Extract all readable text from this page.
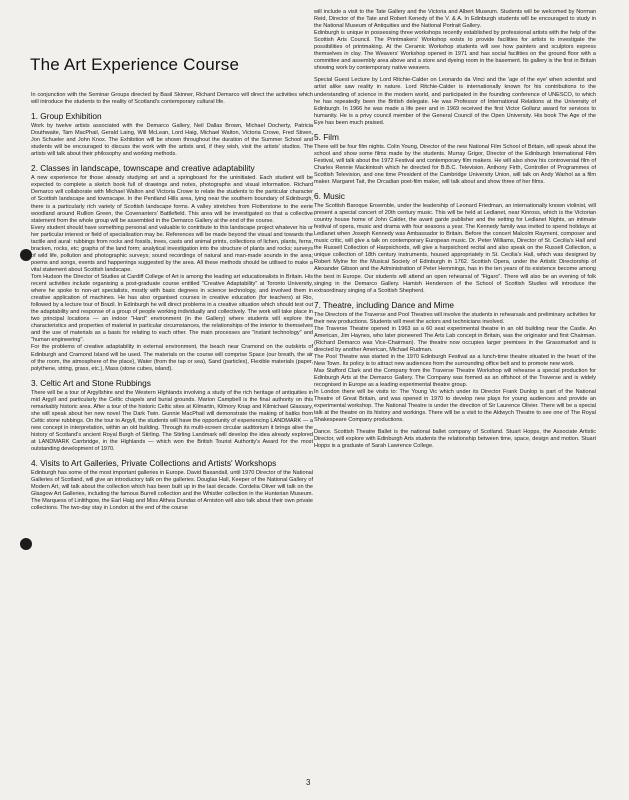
The Art Experience Course

In conjunction with the Seminar Groups directed by Basil Skinner, Richard Demarco will direct the activities which will introduce the students to the reality of Scotland's contemporary cultural life.

1. Group Exhibition

Work by twelve artists associated with the Demarco Gallery, Neil Dallas Brown, Michael Docherty, Patricia Douthwaite, Tam MacPhail, Gerald Laing, Will McLean, Lord Haig, Michael Walton, Victoria Crowe, Fred Stiven, Jon Schueler and John Knox. The Exhibition will be shown throughout the duration of the Summer School and students will be encouraged to discuss the work with the artists and, if they wish, visit the artists' studios. The artists will talk about their philosophy and working methods.

2. Classes in landscape, townscape and creative adaptability

A new experience for those already studying art and a springboard for the uninitiated. Each student will be expected to complete a sketch book full of drawings and notes, photographs and visual information. Richard Demarco will collaborate with Michael Walton and Victoria Crowe to relate the students to the particular character of Scottish landscape and townscape. In the Pentland Hills area, lying near the southern boundary of Edinburgh, there is a particularly rich variety of Scottish landscape forms. A valley stretches from Flotterstone to the eerie woodland around Rullion Green, the Covenanters' Battlefield. This area will be investigated so that a collective statement from the whole group will be assembled in the Demarco Gallery at the end of the course.

Every student should have something personal and valuable to contribute to this landscape project whatever his or her particular interest or field of specialisation may be. References will be made beyond the visual and towards the tactile and aural: rubbings from rocks and fossils, trees, casts and animal prints, collections of lichen, plants, ferns, bracken, rocks, etc; graphs of the land form; analytical investigation into the structure of plants and rocks; surveys of wild life, pollution and photographic surveys; sound recordings of natural and man-made sounds in the area; poems and songs, events and happenings suggested by the area. All these methods should be utilised to make a vital statement about Scottish landscape.

Tom Hudson the Director of Studies at Cardiff College of Art is among the leading art educationalists in Britain. His recent activities include organising a post-graduate course entitled "Creative Adaptability" at Toronto University, where he spoke to non-art specialists, mostly with basic degrees in science technology, and involved them in creative application of machines. He has also organised courses in creative education (for teachers) at Rio, followed by a lecture tour of Brazil. In Edinburgh he will direct problems in a creative situation which should test out the adaptability and response of a group of people working individually and collectively. The work will take place in two principal locations — an indoor "Hard" environment (in the Gallery) where students will explore the characteristics and properties of material in particular circumstances, the relationships of the interior to themselves and the use of materials as a basis for relating to each other. The main processes are "instant technology" and "human engineering".

For the problems of creative adaptability in external environment, the beach near Cramond on the outskirts of Edinburgh and Cramond Island will be used. The materials on the course will comprise Space (our breath, the air of the room, the atmosphere of the place), Water (from the tap or sea), Sand (particles), Flexible materials (paper, polythene, string, grass, etc.), Mass (stone cubes, island).

3. Celtic Art and Stone Rubbings

There will be a tour of Argyllshire and the Western Highlands involving a study of the rich heritage of antiquities in mid Argyll and particularly the Celtic chapels and burial grounds. Marion Campbell is the final authority on this remarkably historic area. After a tour of the historic Celtic sites at Kilmartin, Kilmory Knap and Kilmichael Glassary, she will speak about her new novel The Dark Twin. Gunnie MacPhail will demonstrate the making of batiks from Celtic stone rubbings. On the tour to Argyll, the students will have the opportunity of experiencing LANDMARK — a new concept in interpretation, within an old building. Through its multi-screen circular auditorium it brings alive the history of Scotland's ancient Royal Burgh of Stirling. The Stirling Landmark will develop the idea already explored at LANDMARK Carrbridge, in the Highlands — which won the British Tourist Authority's Award for the most outstanding development of 1970.

4. Visits to Art Galleries, Private Collections and Artists' Workshops

Edinburgh has some of the most important galleries in Europe. David Baxandall, until 1970 Director of the National Galleries of Scotland, will give an introductory talk on the galleries. Douglas Hall, Keeper of the National Gallery of Modern Art, will talk about the collection which has been built up in the last decade. Cordelia Oliver will talk on the Glasgow Art Galleries, including the famous Burrell collection and the Whistler collection in the Hunterian Museum. The Marquess of Linlithgow, the Earl Haig and Miss Althea Dundas of Arniston will also talk about their own private collections. The two-day stay in London at the end of the course

will include a visit to the Tate Gallery and the Victoria and Albert Museum. Students will be welcomed by Norman Reid, Director of the Tate and Robert Kenedy of the V. & A. In Edinburgh students will be encouraged to study in the National Museum of Antiquities and the National Portrait Gallery.

Edinburgh is unique in possessing three workshops recently established by professional artists with the help of the Scottish Arts Council. The Printmakers' Workshop exists to provide facilities for artists to investigate the possibilities of printmaking. At the Ceramic Workshop students will see how painters and sculptors express themselves in clay. The Weavers' Workshop opened in 1971 and has social facilities on the ground floor with a committee and assembly area above and a store and dyeing room in the basement. Its gallery is the first in Britain showing work by contemporary native weavers.

Special Guest Lecture by Lord Ritchie-Calder on Leonardo da Vinci and the 'age of the eye' when scientist and artist alike saw reality in nature. Lord Ritchie-Calder is internationally known for his contributions to the understanding of science in the modern world, and participated in the founding conference of UNESCO, to which he has repeatedly been the British delegate. He was Professor of International Relations at the University of Edinburgh. In 1966 he was made a life peer and in 1969 received the first Victor Gollanz award for services to humanity. He is a privy council member of the General Council of the Open University. His book The Age of the Eye has been much praised.

5. Film

There will be four film nights. Colin Young, Director of the new National Film School of Britain, will speak about the school and show some films made by the students. Murray Grigor, Director of the Edinburgh International Film Festival, will talk about the 1972 Festival and contemporary film makers. He will also show his controversial film of Charles Rennie Mackintosh which he directed for B.B.C. Television. Anthony Firth, Controller of Programmes of Scottish Television, and one time President of the Cambridge University Union, will talk on Andy Warhol as a film maker. Margaret Tait, the Orcadian poet-film maker, will talk about and show three of her films.

6. Music

The Scottish Baroque Ensemble, under the leadership of Leonard Friedman, an internationally known violinist, will present a special concert of 20th century music. This will be held at Ledlanet, near Kinross, which is the Victorian country house home of John Calder, the avant garde publisher and the setting for Ledlanet Nights, an intimate festival of opera, music and drama with four seasons a year. The Kennedy family was invited to spend holidays at Ledlanet when Joseph Kennedy was Ambassador to Britain. Before the concert Malcolm Rayment, composer and music critic, will give a talk on contemporary European music. Dr. Peter Williams, Director of St. Cecilia's Hall and the Russell Collection of Harpsichords, will give a harpsichord recital and also speak on the Russell Collection, a unique collection of 18th century instruments, housed appropriately in St. Cecilia's Hall, which was designed by Robert Mylne for the Musical Society of Edinburgh in 1762. Scottish Opera, under the Artistic Directorship of Alexander Gibson and the Administration of Peter Hemmings, has in the ten years of its existence become among the best in Europe. Our students will attend an open rehearsal of "Figaro". There will also be an evening of folk singing in the Demarco Gallery. Hamish Henderson of the School of Scottish Studies will introduce the extraordinary singing of a Scottish Shepherd.

7. Theatre, including Dance and Mime

The Directors of the Traverse and Pool Theatres will involve the students in rehearsals and preliminary activities for their new productions. Students will meet the actors and technicians involved.

The Traverse Theatre opened in 1963 as a 60 seat experimental theatre in an old building near the Castle. An American, Jim Haynes, who later pioneered The Arts Lab concept in Britain, was the originator and first Chairman. (Richard Demarco was Vice-Chairman). The theatre now occupies larger premises in the Grassmarket and is directed by another American, Michael Rudman.

The Pool Theatre was started in the 1970 Edinburgh Festival as a lunch-time theatre situated in the heart of the New Town. Its policy is to attract new audiences from the surrounding office belt and to promote new work.

Max Stafford Clark and the Company from the Traverse Theatre Workshop will rehearse a special production for Edinburgh Arts at the Demarco Gallery. The Company was formed as an offshoot of the Traverse and is widely recognised in Europe as a leading experimental theatre group.

In London there will be visits to: The Young Vic which under its Director Frank Dunlop is part of the National Theatre of Great Britain, and was opened in 1970 to develop new plays for young audiences and provide an experimental workshop. The National Theatre is under the direction of Sir Laurence Olivier. There will be a special talk at the theatre on its history and workings. There will be a visit to the Aldwych Theatre to see one of The Royal Shakespeare Company productions.

Dance. Scottish Theatre Ballet is the national ballet company of Scotland. Stuart Hopps, the Associate Artistic Director, will explore with Edinburgh Arts students the relationship between time, space, design and motion. Stuart Hopps is a graduate of Sarah Lawrence College.

3
